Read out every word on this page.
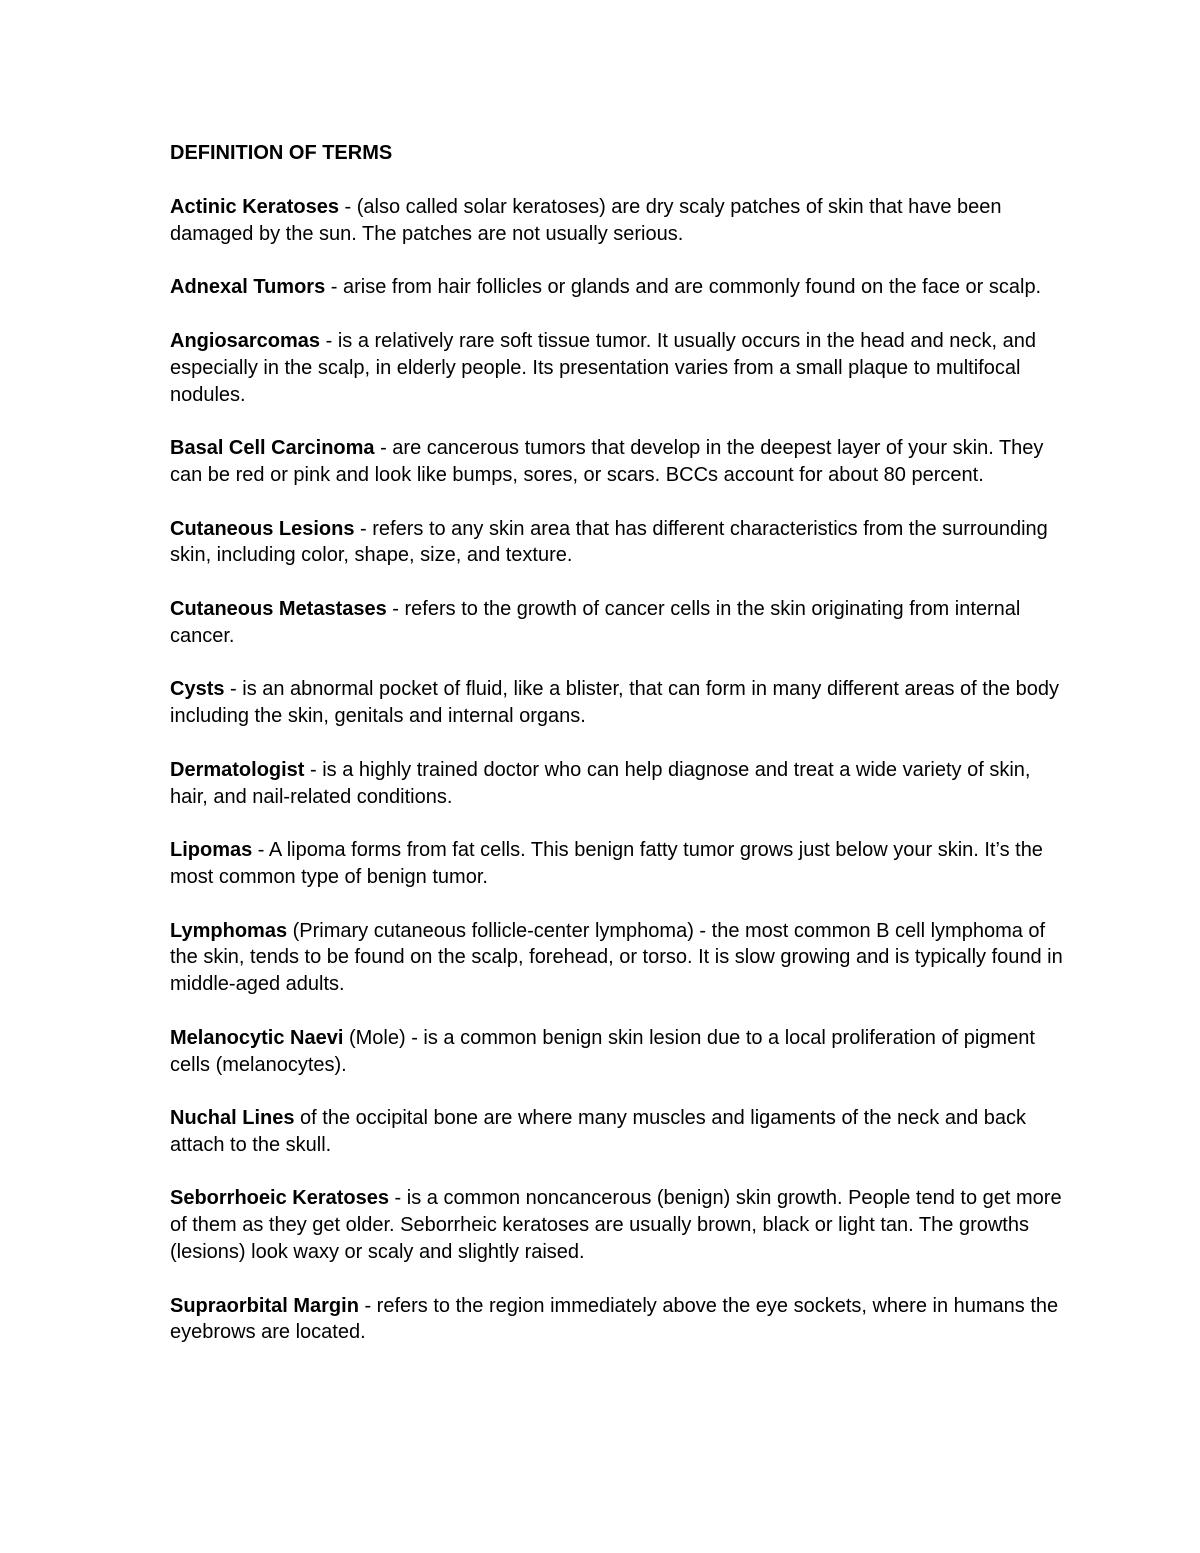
DEFINITION OF TERMS

Actinic Keratoses - (also called solar keratoses) are dry scaly patches of skin that have been damaged by the sun. The patches are not usually serious.

Adnexal Tumors - arise from hair follicles or glands and are commonly found on the face or scalp.

Angiosarcomas - is a relatively rare soft tissue tumor. It usually occurs in the head and neck, and especially in the scalp, in elderly people. Its presentation varies from a small plaque to multifocal nodules.

Basal Cell Carcinoma - are cancerous tumors that develop in the deepest layer of your skin. They can be red or pink and look like bumps, sores, or scars. BCCs account for about 80 percent.

Cutaneous Lesions - refers to any skin area that has different characteristics from the surrounding skin, including color, shape, size, and texture.

Cutaneous Metastases - refers to the growth of cancer cells in the skin originating from internal cancer.

Cysts - is an abnormal pocket of fluid, like a blister, that can form in many different areas of the body including the skin, genitals and internal organs.

Dermatologist - is a highly trained doctor who can help diagnose and treat a wide variety of skin, hair, and nail-related conditions.

Lipomas - A lipoma forms from fat cells. This benign fatty tumor grows just below your skin. It’s the most common type of benign tumor.

Lymphomas (Primary cutaneous follicle-center lymphoma) - the most common B cell lymphoma of the skin, tends to be found on the scalp, forehead, or torso. It is slow growing and is typically found in middle-aged adults.

Melanocytic Naevi (Mole) - is a common benign skin lesion due to a local proliferation of pigment cells (melanocytes).

Nuchal Lines of the occipital bone are where many muscles and ligaments of the neck and back attach to the skull.

Seborrhoeic Keratoses - is a common noncancerous (benign) skin growth. People tend to get more of them as they get older. Seborrheic keratoses are usually brown, black or light tan. The growths (lesions) look waxy or scaly and slightly raised.

Supraorbital Margin - refers to the region immediately above the eye sockets, where in humans the eyebrows are located.
